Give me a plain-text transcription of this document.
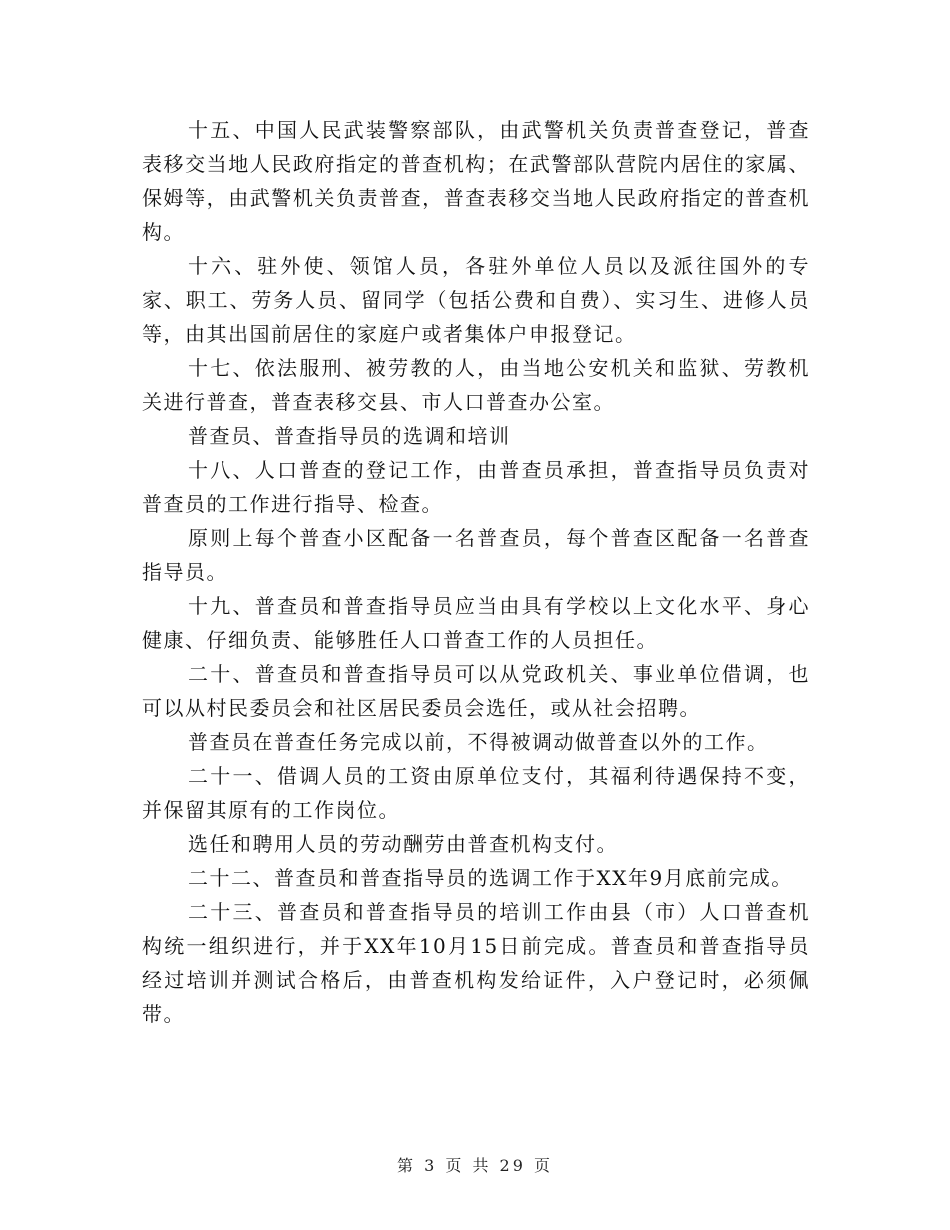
十五、中国人民武装警察部队，由武警机关负责普查登记，普查表移交当地人民政府指定的普查机构；在武警部队营院内居住的家属、保姆等，由武警机关负责普查，普查表移交当地人民政府指定的普查机构。

十六、驻外使、领馆人员，各驻外单位人员以及派往国外的专家、职工、劳务人员、留同学（包括公费和自费）、实习生、进修人员等，由其出国前居住的家庭户或者集体户申报登记。

十七、依法服刑、被劳教的人，由当地公安机关和监狱、劳教机关进行普查，普查表移交县、市人口普查办公室。

普查员、普查指导员的选调和培训

十八、人口普查的登记工作，由普查员承担，普查指导员负责对普查员的工作进行指导、检查。

原则上每个普查小区配备一名普查员，每个普查区配备一名普查指导员。

十九、普查员和普查指导员应当由具有学校以上文化水平、身心健康、仔细负责、能够胜任人口普查工作的人员担任。

二十、普查员和普查指导员可以从党政机关、事业单位借调，也可以从村民委员会和社区居民委员会选任，或从社会招聘。

普查员在普查任务完成以前，不得被调动做普查以外的工作。

二十一、借调人员的工资由原单位支付，其福利待遇保持不变，并保留其原有的工作岗位。

选任和聘用人员的劳动酬劳由普查机构支付。

二十二、普查员和普查指导员的选调工作于XX年9月底前完成。

二十三、普查员和普查指导员的培训工作由县（市）人口普查机构统一组织进行，并于XX年10月15日前完成。普查员和普查指导员经过培训并测试合格后，由普查机构发给证件，入户登记时，必须佩带。

第 3 页 共 29 页
